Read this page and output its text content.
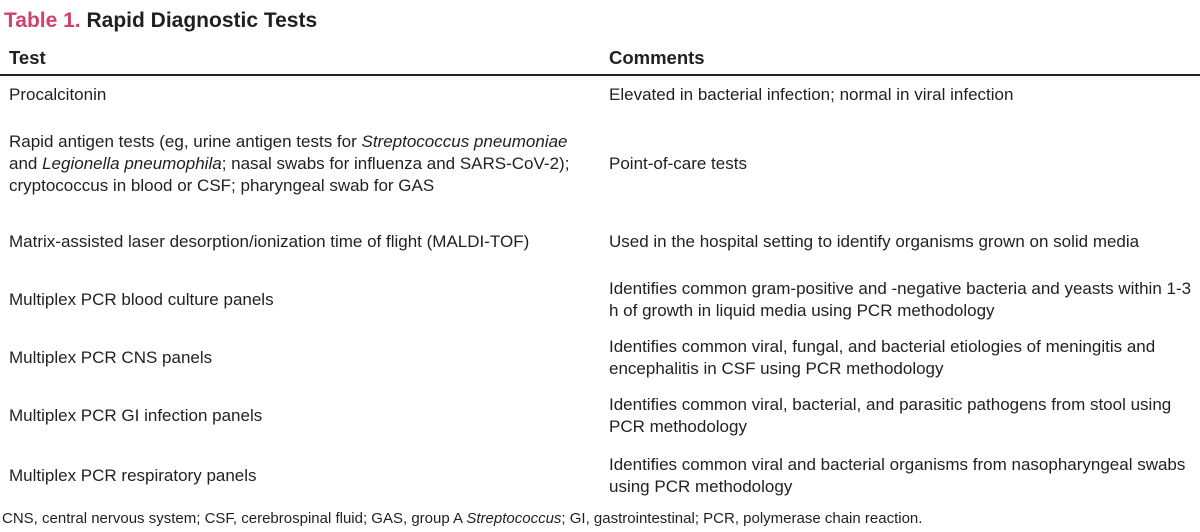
Table 1. Rapid Diagnostic Tests
Test	Comments
Procalcitonin	Elevated in bacterial infection; normal in viral infection
Rapid antigen tests (eg, urine antigen tests for Streptococcus pneumoniae and Legionella pneumophila; nasal swabs for influenza and SARS-CoV-2); cryptococcus in blood or CSF; pharyngeal swab for GAS	Point-of-care tests
Matrix-assisted laser desorption/ionization time of flight (MALDI-TOF)	Used in the hospital setting to identify organisms grown on solid media
Multiplex PCR blood culture panels	Identifies common gram-positive and -negative bacteria and yeasts within 1-3 h of growth in liquid media using PCR methodology
Multiplex PCR CNS panels	Identifies common viral, fungal, and bacterial etiologies of meningitis and encephalitis in CSF using PCR methodology
Multiplex PCR GI infection panels	Identifies common viral, bacterial, and parasitic pathogens from stool using PCR methodology
Multiplex PCR respiratory panels	Identifies common viral and bacterial organisms from nasopharyngeal swabs using PCR methodology
CNS, central nervous system; CSF, cerebrospinal fluid; GAS, group A Streptococcus; GI, gastrointestinal; PCR, polymerase chain reaction.
